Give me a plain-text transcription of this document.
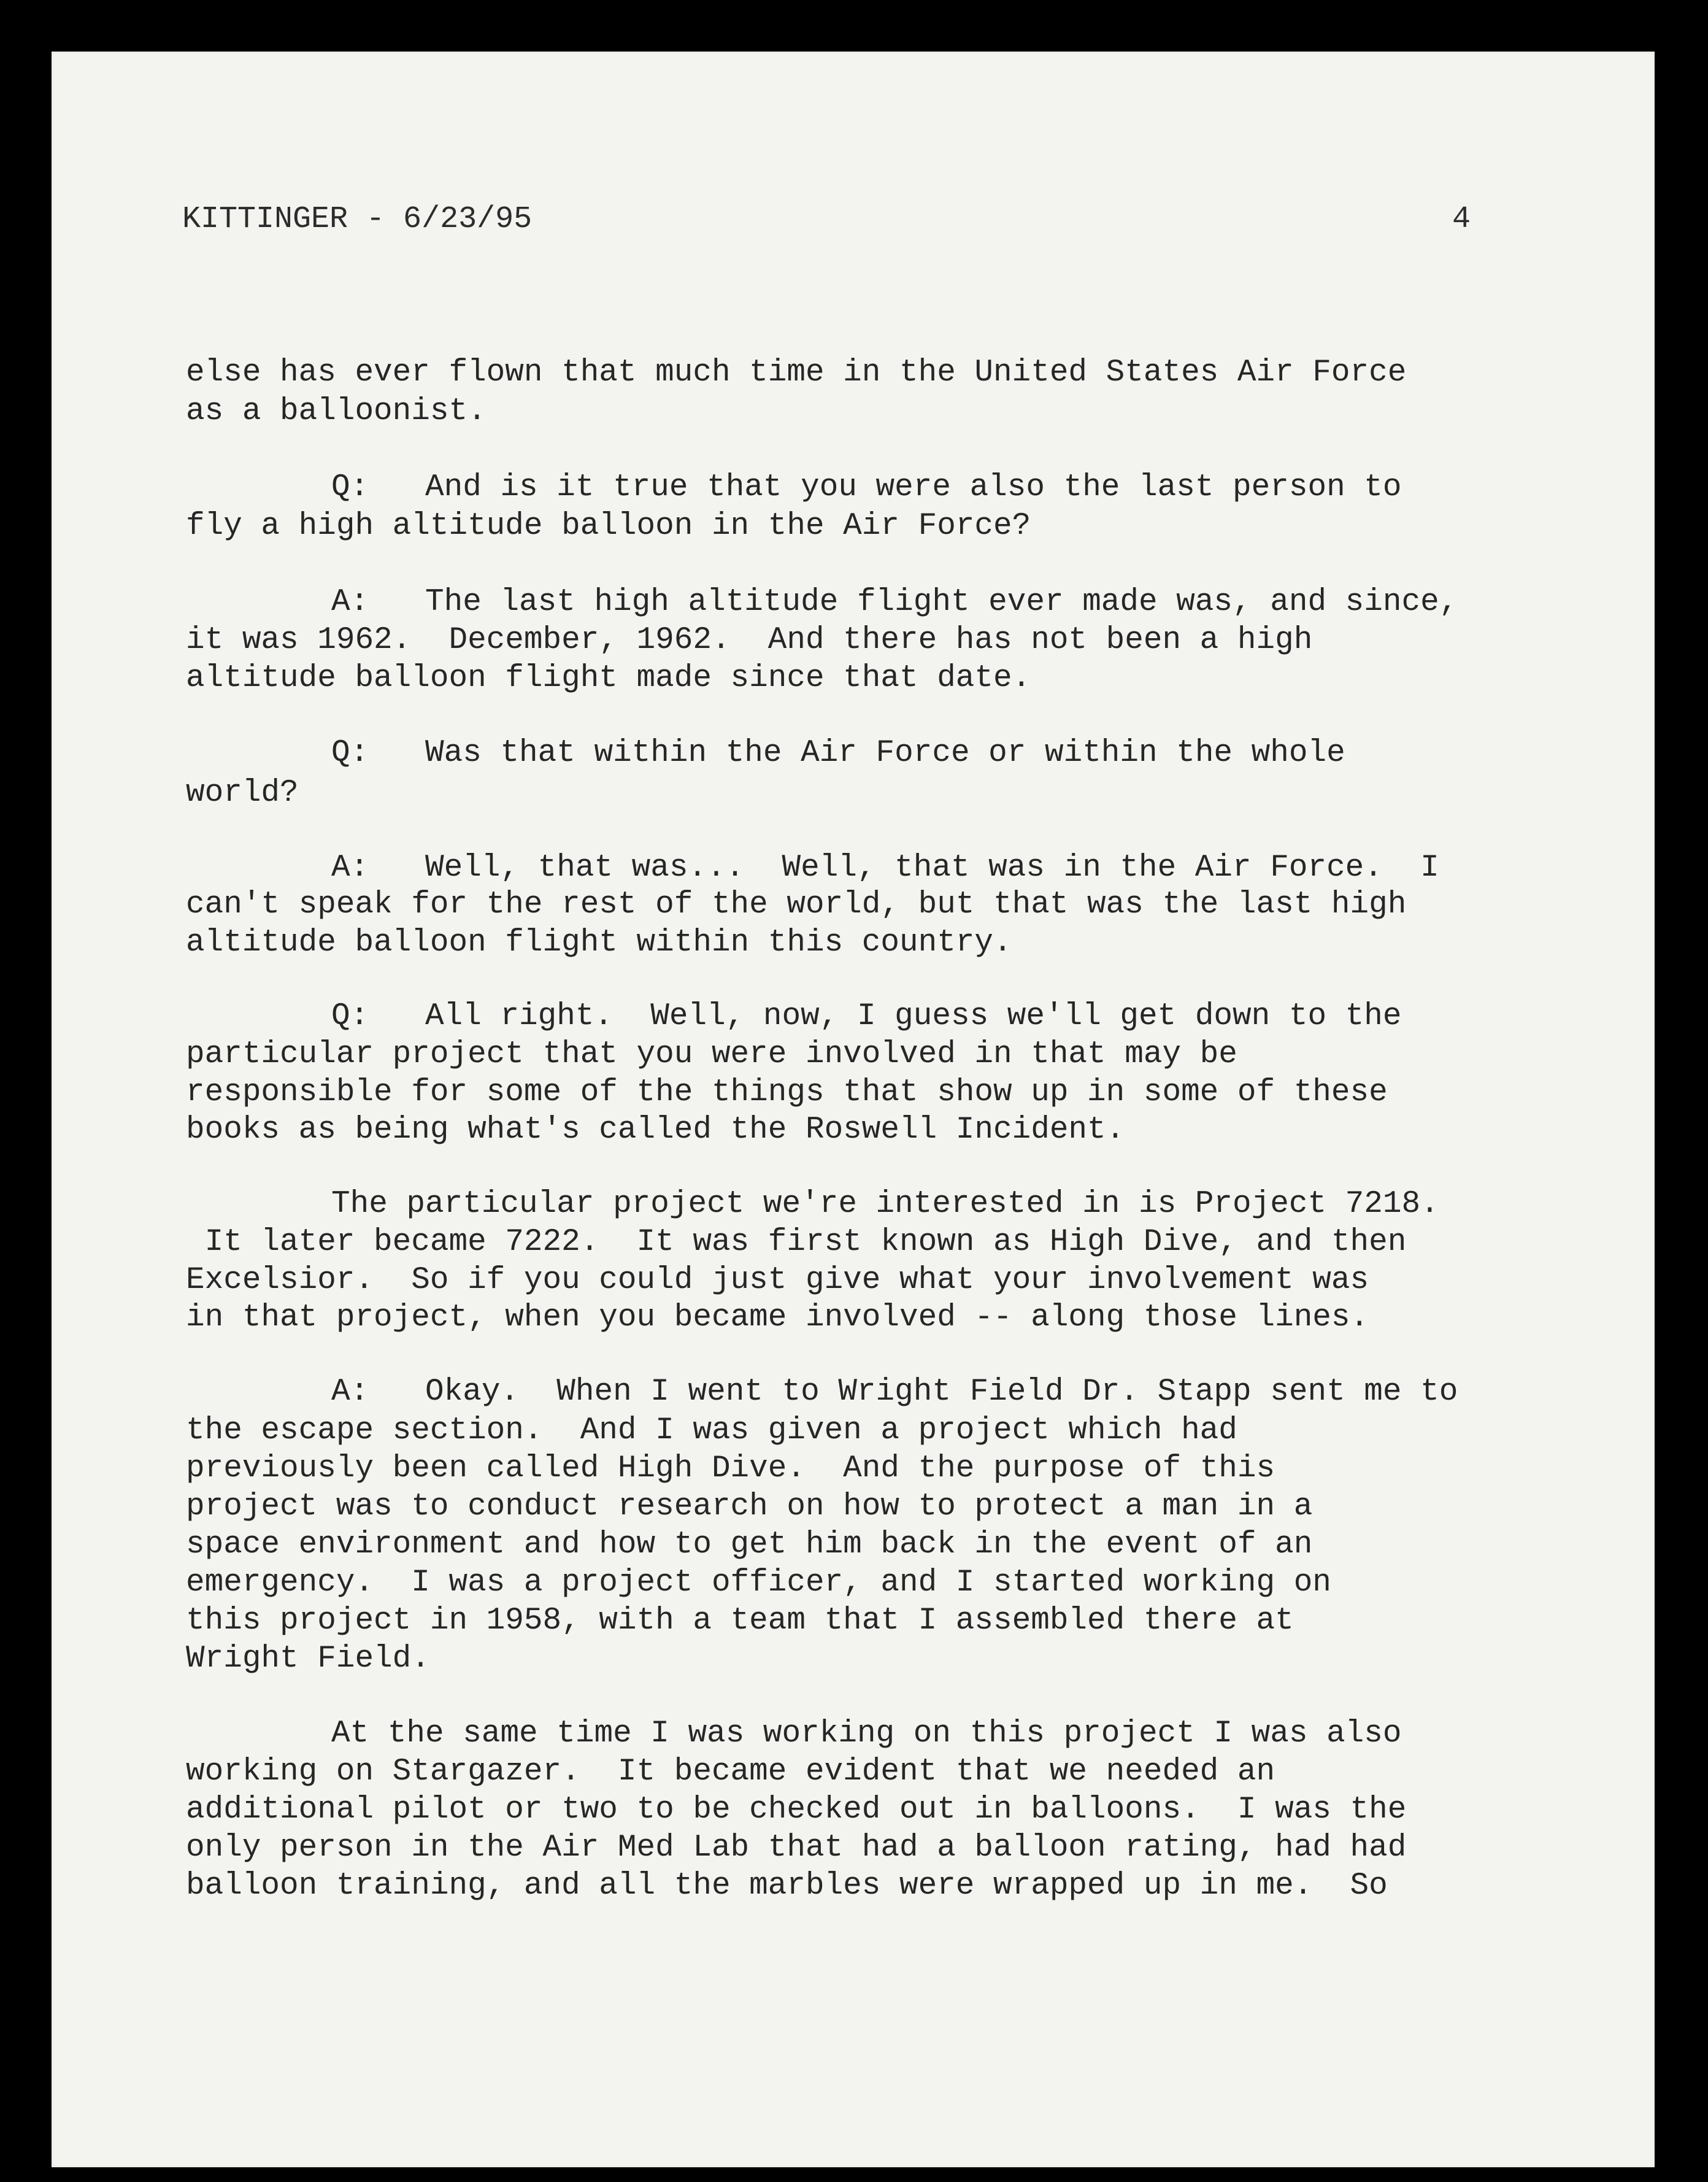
KITTINGER - 6/23/95	4
else has ever flown that much time in the United States Air Force
as a balloonist.
Q:   And is it true that you were also the last person to
fly a high altitude balloon in the Air Force?
A:   The last high altitude flight ever made was, and since,
it was 1962.  December, 1962.  And there has not been a high
altitude balloon flight made since that date.
Q:   Was that within the Air Force or within the whole
world?
A:   Well, that was...  Well, that was in the Air Force.  I
can't speak for the rest of the world, but that was the last high
altitude balloon flight within this country.
Q:   All right.  Well, now, I guess we'll get down to the
particular project that you were involved in that may be
responsible for some of the things that show up in some of these
books as being what's called the Roswell Incident.
The particular project we're interested in is Project 7218.
It later became 7222.  It was first known as High Dive, and then
Excelsior.  So if you could just give what your involvement was
in that project, when you became involved -- along those lines.
A:   Okay.  When I went to Wright Field Dr. Stapp sent me to
the escape section.  And I was given a project which had
previously been called High Dive.  And the purpose of this
project was to conduct research on how to protect a man in a
space environment and how to get him back in the event of an
emergency.  I was a project officer, and I started working on
this project in 1958, with a team that I assembled there at
Wright Field.
At the same time I was working on this project I was also
working on Stargazer.  It became evident that we needed an
additional pilot or two to be checked out in balloons.  I was the
only person in the Air Med Lab that had a balloon rating, had had
balloon training, and all the marbles were wrapped up in me.  So
